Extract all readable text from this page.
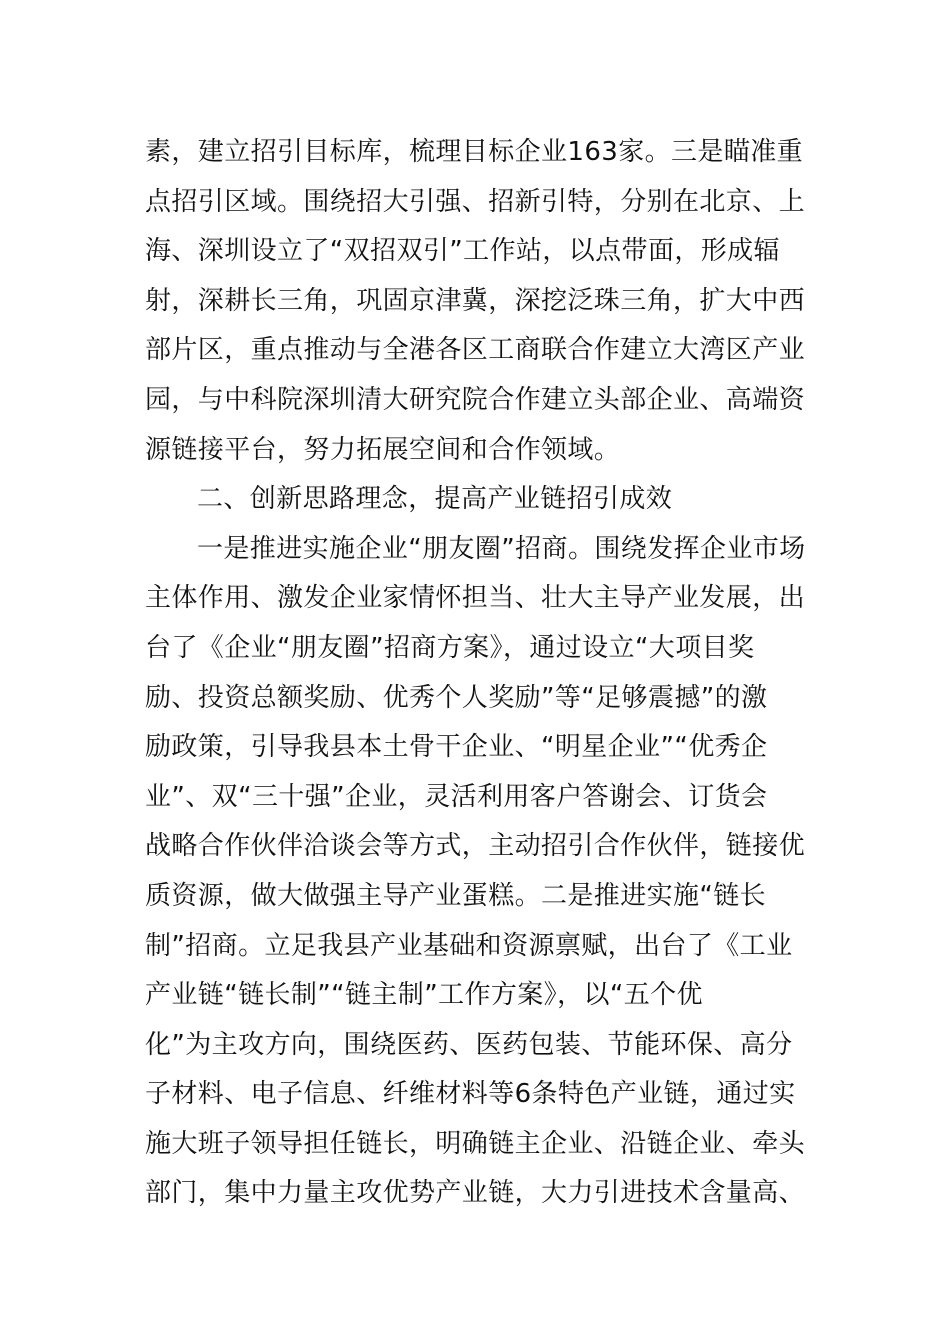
素，建立招引目标库，梳理目标企业163家。三是瞄准重
点招引区域。围绕招大引强、招新引特，分别在北京、上
海、深圳设立了“双招双引”工作站，以点带面，形成辐
射，深耕长三角，巩固京津冀，深挖泛珠三角，扩大中西
部片区，重点推动与全港各区工商联合作建立大湾区产业
园，与中科院深圳清大研究院合作建立头部企业、高端资
源链接平台，努力拓展空间和合作领域。
二、创新思路理念，提高产业链招引成效
一是推进实施企业“朋友圈”招商。围绕发挥企业市场
主体作用、激发企业家情怀担当、壮大主导产业发展，出
台了《企业“朋友圈”招商方案》，通过设立“大项目奖
励、投资总额奖励、优秀个人奖励”等“足够震撼”的激
励政策，引导我县本土骨干企业、“明星企业”“优秀企
业”、双“三十强”企业，灵活利用客户答谢会、订货会
战略合作伙伴洽谈会等方式，主动招引合作伙伴，链接优
质资源，做大做强主导产业蛋糕。二是推进实施“链长
制”招商。立足我县产业基础和资源禀赋，出台了《工业
产业链“链长制”“链主制”工作方案》，以“五个优
化”为主攻方向，围绕医药、医药包装、节能环保、高分
子材料、电子信息、纤维材料等6条特色产业链，通过实
施大班子领导担任链长，明确链主企业、沿链企业、牵头
部门，集中力量主攻优势产业链，大力引进技术含量高、
